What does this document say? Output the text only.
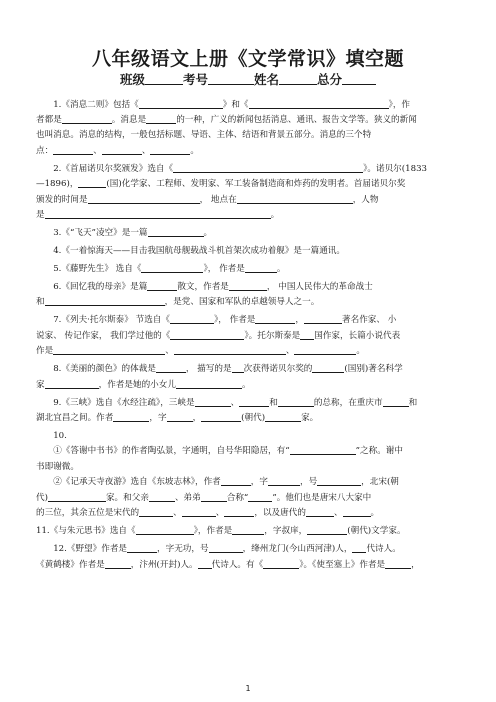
八年级语文上册《文学常识》填空题
班级	考号	姓名	总分

1.《消息二则》包括《	》和《	》，作

者都是	。消息是	的一种，广义的新闻包括消息、通讯、报告文学等。狭义的新闻

也叫消息。消息的结构，一般包括标题、导语、主体、结语和背景五部分。消息的三个特

点：	、	、	。

2.《首届诺贝尔奖颁发》选自《	》。诺贝尔(1833

—1896)，	(国)化学家、工程师、发明家、军工装备制造商和炸药的发明者。首届诺贝尔奖

颁发的时间是	， 地点在	，人物

是	。

3.《“飞天”凌空》是一篇	。

4.《一着惊海天——目击我国航母舰载战斗机首架次成功着舰》是一篇通讯。

5.《藤野先生》 选自《	》， 作者是	。

6.《回忆我的母亲》是篇	散文，作者是	， 中国人民伟大的革命战士

和	，是党、国家和军队的卓越领导人之一。

7.《列夫·托尔斯泰》 节选自《	》， 作者是	，	著名作家、 小

说家、 传记作家， 我们学过他的《	》。托尔斯泰是 国作家，长篇小说代表

作是	、	、	。

8.《美丽的颜色》的体裁是	， 描写的是 次获得诺贝尔奖的	(国别)著名科学

家	，作者是她的小女儿	。

9.《三峡》选自《水经注疏》，三峡是	、	和	的总称，在重庆市	和

湖北宜昌之间。作者	，字	，	(朝代)	家。

10.

①《答谢中书书》的作者陶弘景，字通明，自号华阳隐居，有“	”之称。谢中

书即谢微。

②《记承天寺夜游》选自《东坡志林》，作者	，字	，号	，北宋(朝

代)	家。和父亲	、弟弟	合称“	”。他们也是唐宋八大家中

的三位，其余五位是宋代的	、	、	，以及唐代的	、	。

11.《与朱元思书》选自《	》，作者是	，字叔庠，	(朝代)文学家。

12.《野望》作者是	，字无功，号	，绛州龙门(今山西河津)人， 代诗人。

《黄鹤楼》作者是	，汴州(开封)人。 代诗人。有《	》。《使至塞上》作者是	，

1
